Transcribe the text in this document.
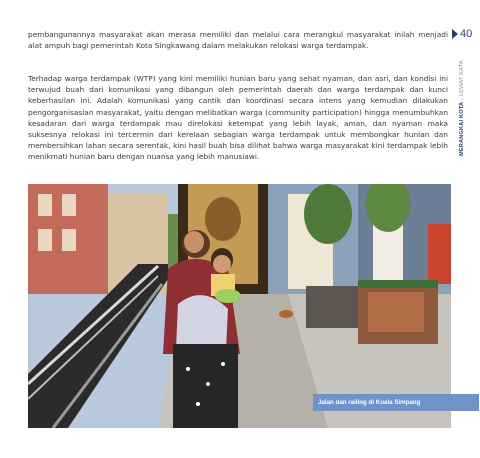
40
MERANGKAI KOTA · LEWAT KATA

pembangunannya masyarakat akan merasa memiliki dan melalui cara merangkul masyarakat inilah menjadi alat ampuh bagi pemerintah Kota Singkawang dalam melakukan relokasi warga terdampak.

Terhadap warga terdampak (WTP) yang kini memiliki hunian baru yang sehat nyaman, dan asri, dan kondisi ini terwujud buah dari komunikasi yang dibangun oleh pemerintah daerah dan warga terdampak dan kunci keberhasilan ini. Adalah komunikasi yang cantik dan koordinasi secara intens yang kemudian dilakukan pengorganisasian masyarakat, yaitu dengan melibatkan warga (community participation) hingga menumbuhkan kesadaran dari warga terdampak mau direlokasi ketempat yang lebih layak, aman, dan nyaman maka suksesnya relokasi ini tercermin dari kerelaan sebagian warga terdampak untuk membongkar hunian dan membersihkan lahan secara serentak, kini hasil buah bisa dilihat bahwa warga masyarakat kini terdampak lebih menikmati hunian baru dengan nuansa yang lebih manusiawi.

Jalan dan railing di Kuala Simpang
